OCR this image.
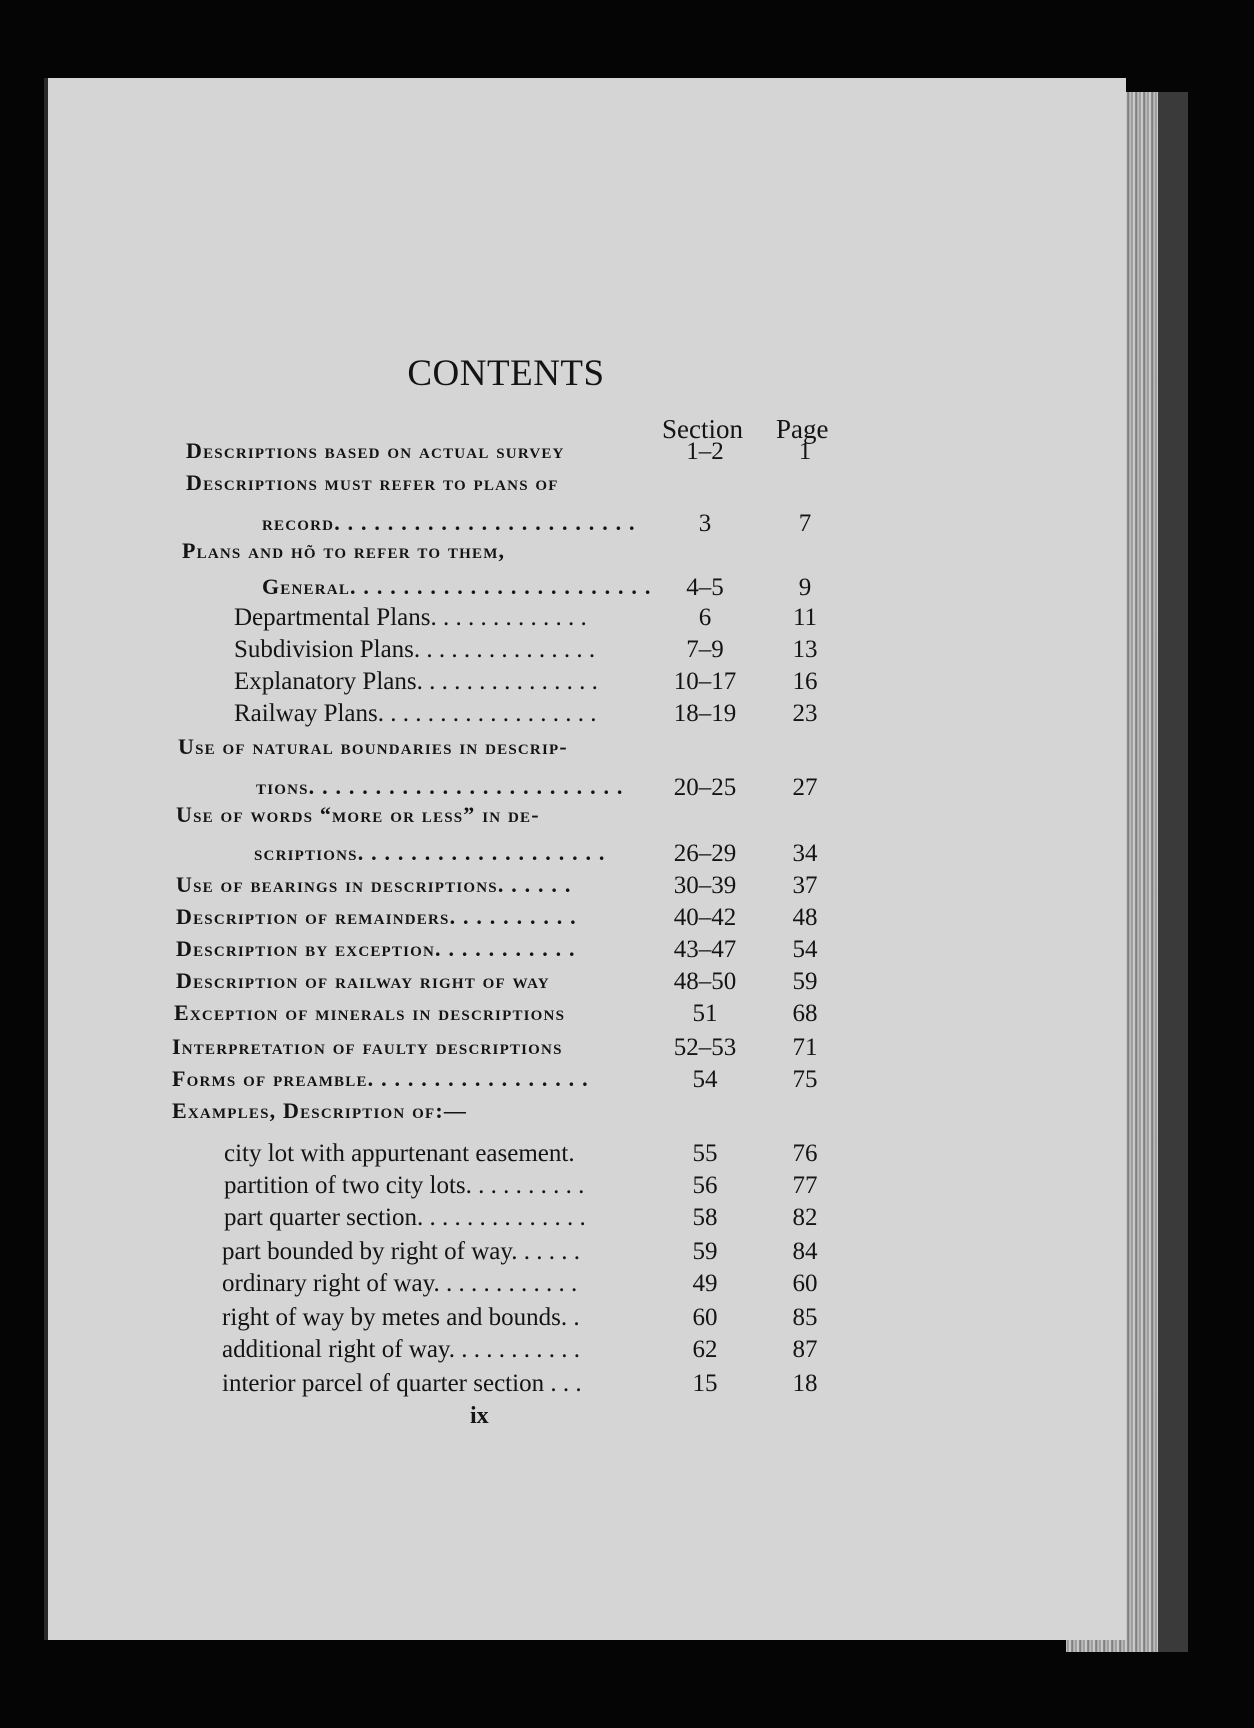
CONTENTS
Section Page
Descriptions based on actual survey	1–2	1
Descriptions must refer to plans of
record. . . . . . . . . . . . . . . . . . . . . . .	3	7
Plans and hõ to refer to them,
General. . . . . . . . . . . . . . . . . . . . . . .	4–5	9
Departmental Plans. . . . . . . . . . . . .	6	11
Subdivision Plans. . . . . . . . . . . . . . .	7–9	13
Explanatory Plans. . . . . . . . . . . . . . .	10–17	16
Railway Plans. . . . . . . . . . . . . . . . . .	18–19	23
Use of natural boundaries in descrip-
tions. . . . . . . . . . . . . . . . . . . . . . . .	20–25	27
Use of words “more or less” in de-
scriptions. . . . . . . . . . . . . . . . . . .	26–29	34
Use of bearings in descriptions. . . . . .	30–39	37
Description of remainders. . . . . . . . . .	40–42	48
Description by exception. . . . . . . . . . .	43–47	54
Description of railway right of way	48–50	59
Exception of minerals in descriptions	51	68
Interpretation of faulty descriptions	52–53	71
Forms of preamble. . . . . . . . . . . . . . . . .	54	75
Examples, Description of:—
city lot with appurtenant easement.	55	76
partition of two city lots. . . . . . . . . .	56	77
part quarter section. . . . . . . . . . . . . .	58	82
part bounded by right of way. . . . . .	59	84
ordinary right of way. . . . . . . . . . . .	49	60
right of way by metes and bounds. .	60	85
additional right of way. . . . . . . . . . .	62	87
interior parcel of quarter section . . .	15	18
ix
